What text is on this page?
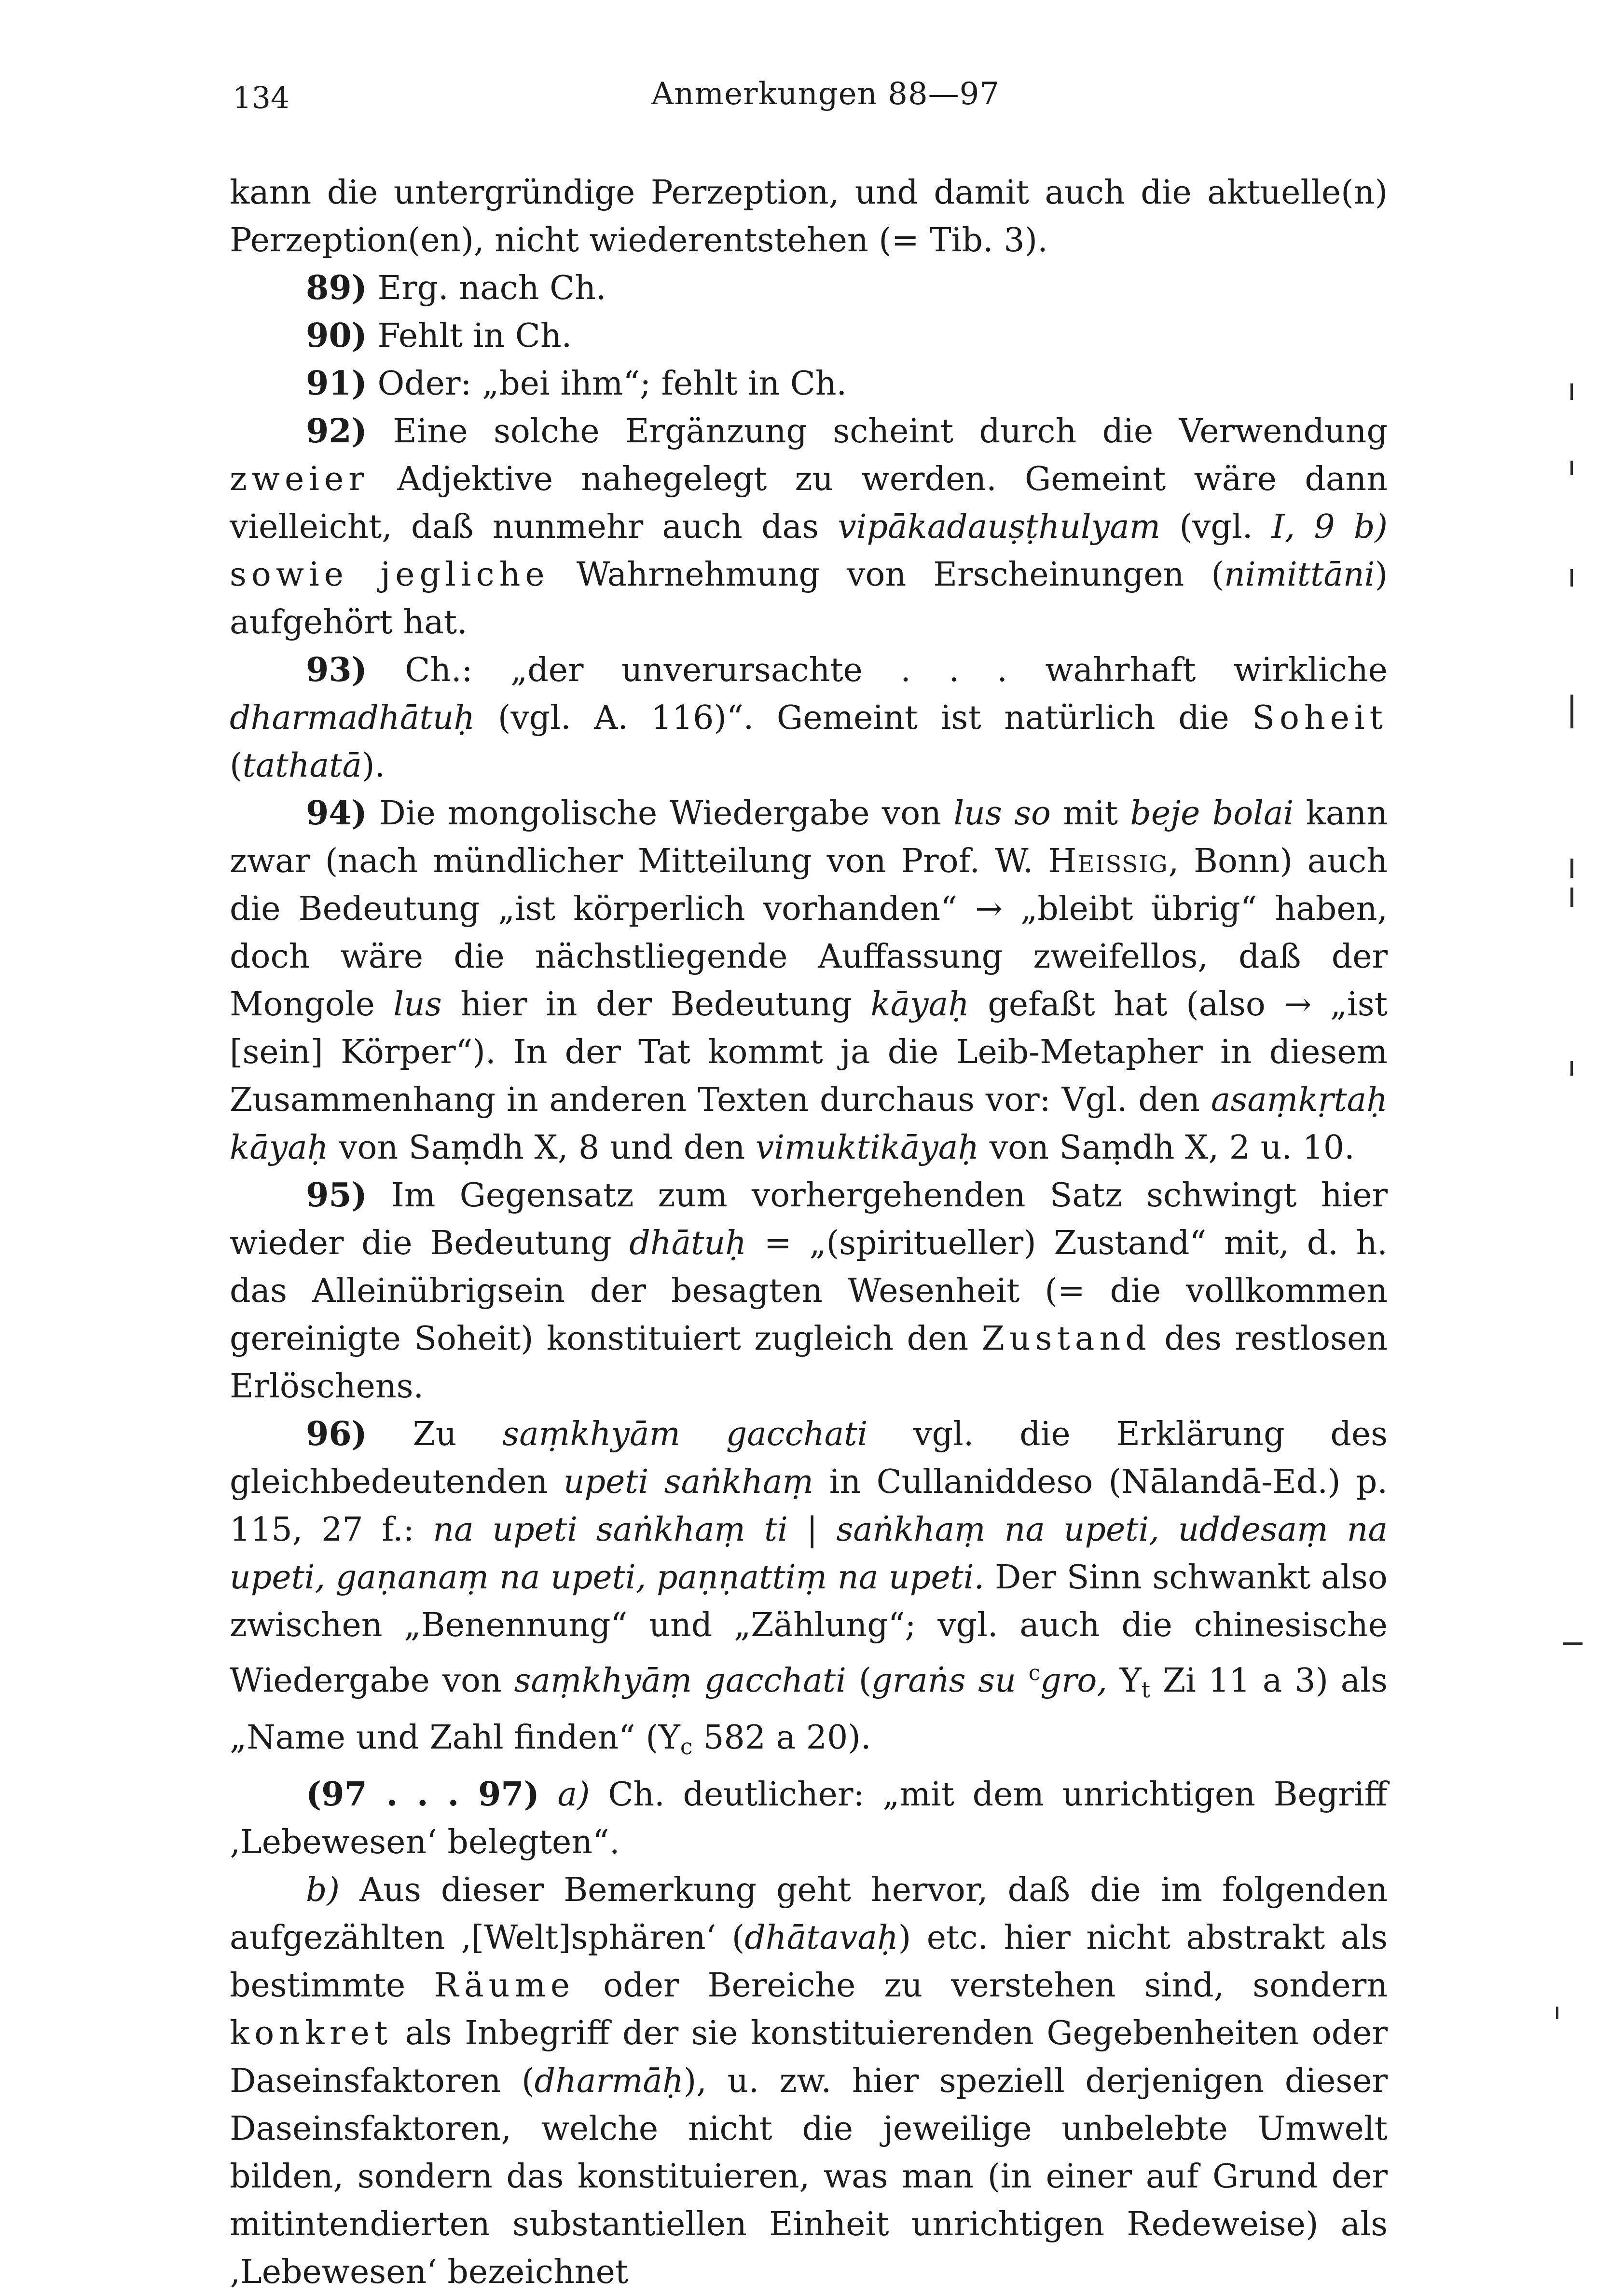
134	Anmerkungen 88—97

kann die untergründige Perzeption, und damit auch die aktuelle(n) Perzeption(en), nicht wiederentstehen (= Tib. 3).

89) Erg. nach Ch.

90) Fehlt in Ch.

91) Oder: „bei ihm“; fehlt in Ch.

92) Eine solche Ergänzung scheint durch die Verwendung zweier Adjektive nahegelegt zu werden. Gemeint wäre dann vielleicht, daß nunmehr auch das vipākadauṣṭhulyam (vgl. I, 9 b) sowie jegliche Wahrnehmung von Erscheinungen (nimittāni) aufgehört hat.

93) Ch.: „der unverursachte . . . wahrhaft wirkliche dharmadhātuḥ (vgl. A. 116)“. Gemeint ist natürlich die Soheit (tathatā).

94) Die mongolische Wiedergabe von lus so mit beje bolai kann zwar (nach mündlicher Mitteilung von Prof. W. Heissig, Bonn) auch die Bedeutung „ist körperlich vorhanden“ → „bleibt übrig“ haben, doch wäre die nächstliegende Auffassung zweifellos, daß der Mongole lus hier in der Bedeutung kāyaḥ gefaßt hat (also → „ist [sein] Körper“). In der Tat kommt ja die Leib-Metapher in diesem Zusammenhang in anderen Texten durchaus vor: Vgl. den asaṃkṛtaḥ kāyaḥ von Saṃdh X, 8 und den vimuktikāyaḥ von Saṃdh X, 2 u. 10.

95) Im Gegensatz zum vorhergehenden Satz schwingt hier wieder die Bedeutung dhātuḥ = „(spiritueller) Zustand“ mit, d. h. das Alleinübrigsein der besagten Wesenheit (= die vollkommen gereinigte Soheit) konstituiert zugleich den Zustand des restlosen Erlöschens.

96) Zu saṃkhyām gacchati vgl. die Erklärung des gleichbedeutenden upeti saṅkhaṃ in Cullaniddeso (Nālandā-Ed.) p. 115, 27 f.: na upeti saṅkhaṃ ti | saṅkhaṃ na upeti, uddesaṃ na upeti, gaṇanaṃ na upeti, paṇṇattiṃ na upeti. Der Sinn schwankt also zwischen „Benennung“ und „Zählung“; vgl. auch die chinesische Wiedergabe von saṃkhyāṃ gacchati (graṅs su $^c$gro, $Y_t$ Zi 11 a 3) als „Name und Zahl finden“ ($Y_c$ 582 a 20).

(97 . . . 97) a) Ch. deutlicher: „mit dem unrichtigen Begriff ‚Lebewesen‘ belegten“.

b) Aus dieser Bemerkung geht hervor, daß die im folgenden aufgezählten ‚[Welt]sphären‘ (dhātavaḥ) etc. hier nicht abstrakt als bestimmte Räume oder Bereiche zu verstehen sind, sondern konkret als Inbegriff der sie konstituierenden Gegebenheiten oder Daseinsfaktoren (dharmāḥ), u. zw. hier speziell derjenigen dieser Daseinsfaktoren, welche nicht die jeweilige unbelebte Umwelt bilden, sondern das konstituieren, was man (in einer auf Grund der mitintendierten substantiellen Einheit unrichtigen Redeweise) als ‚Lebewesen‘ bezeichnet
